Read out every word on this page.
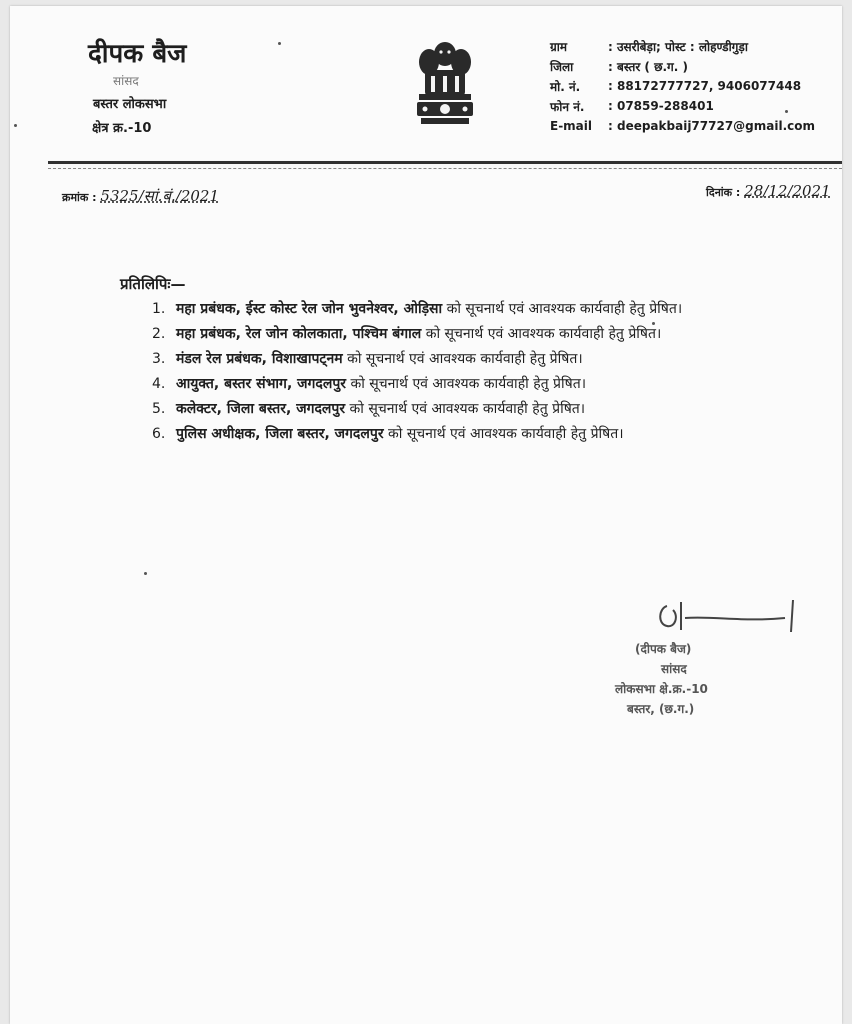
दीपक बैज
सांसद
बस्तर लोकसभा
क्षेत्र क्र.-10
ग्राम	: उसरीबेड़ा; पोस्ट : लोहण्डीगुड़ा
जिला	: बस्तर ( छ.ग. )
मो. नं.	: 88172777727, 9406077448
फोन नं.	: 07859-288401
E-mail	: deepakbaij77727@gmail.com
क्रमांक : 5325/सां.बं./2021	दिनांक : 28/12/2021
प्रतिलिपिः—
1. महा प्रबंधक, ईस्ट कोस्ट रेल जोन भुवनेश्वर, ओड़िसा को सूचनार्थ एवं आवश्यक कार्यवाही हेतु प्रेषित।
2. महा प्रबंधक, रेल जोन कोलकाता, पश्चिम बंगाल को सूचनार्थ एवं आवश्यक कार्यवाही हेतु प्रेषित।
3. मंडल रेल प्रबंधक, विशाखापट्नम को सूचनार्थ एवं आवश्यक कार्यवाही हेतु प्रेषित।
4. आयुक्त, बस्तर संभाग, जगदलपुर को सूचनार्थ एवं आवश्यक कार्यवाही हेतु प्रेषित।
5. कलेक्टर, जिला बस्तर, जगदलपुर को सूचनार्थ एवं आवश्यक कार्यवाही हेतु प्रेषित।
6. पुलिस अधीक्षक, जिला बस्तर, जगदलपुर को सूचनार्थ एवं आवश्यक कार्यवाही हेतु प्रेषित।
(दीपक बैज)
सांसद
लोकसभा क्षे.क्र.-10
बस्तर, (छ.ग.)
